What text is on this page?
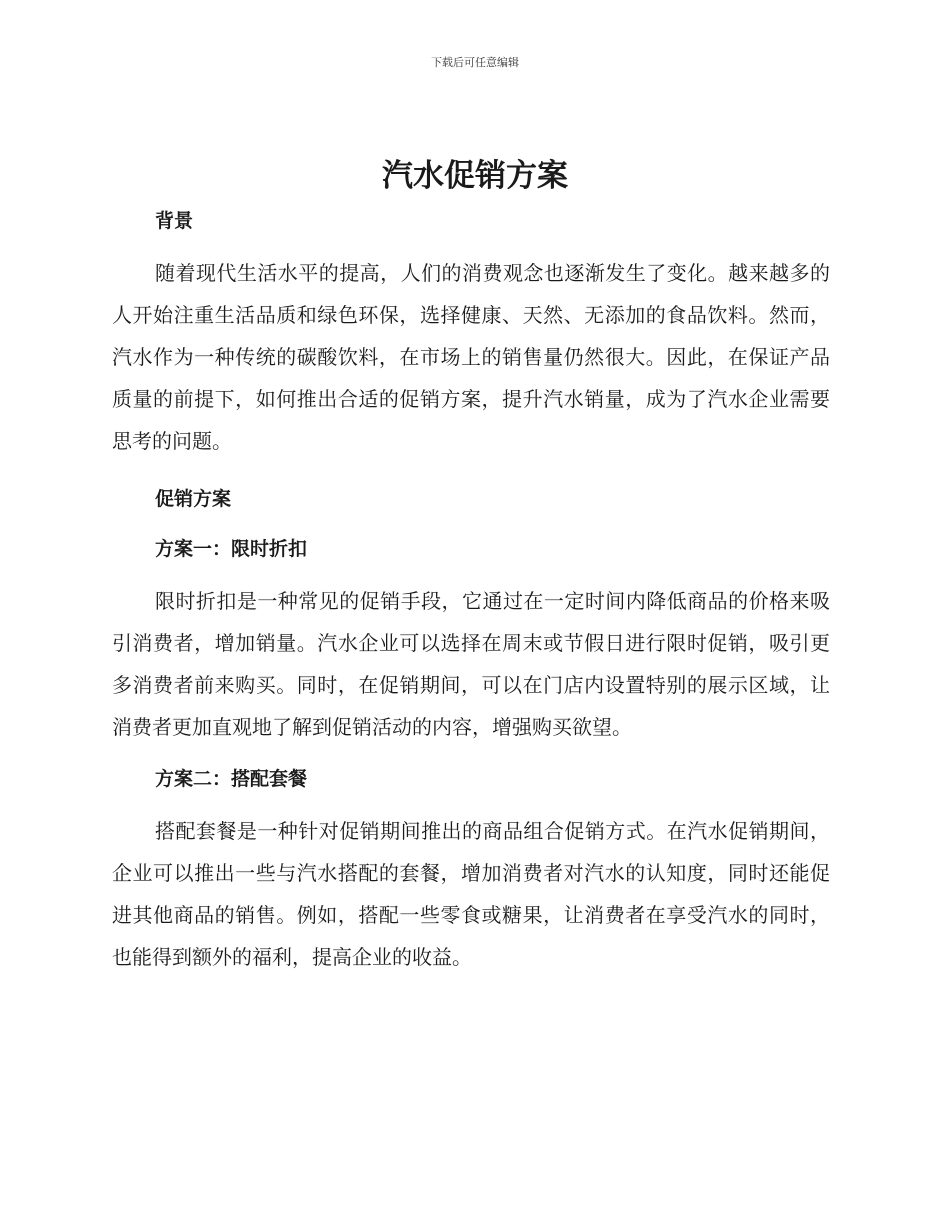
下载后可任意编辑
汽水促销方案

背景

随着现代生活水平的提高，人们的消费观念也逐渐发生了变化。越来越多的人开始注重生活品质和绿色环保，选择健康、天然、无添加的食品饮料。然而，汽水作为一种传统的碳酸饮料，在市场上的销售量仍然很大。因此，在保证产品质量的前提下，如何推出合适的促销方案，提升汽水销量，成为了汽水企业需要思考的问题。

促销方案

方案一：限时折扣

限时折扣是一种常见的促销手段，它通过在一定时间内降低商品的价格来吸引消费者，增加销量。汽水企业可以选择在周末或节假日进行限时促销，吸引更多消费者前来购买。同时，在促销期间，可以在门店内设置特别的展示区域，让消费者更加直观地了解到促销活动的内容，增强购买欲望。

方案二：搭配套餐

搭配套餐是一种针对促销期间推出的商品组合促销方式。在汽水促销期间，企业可以推出一些与汽水搭配的套餐，增加消费者对汽水的认知度，同时还能促进其他商品的销售。例如，搭配一些零食或糖果，让消费者在享受汽水的同时，也能得到额外的福利，提高企业的收益。
